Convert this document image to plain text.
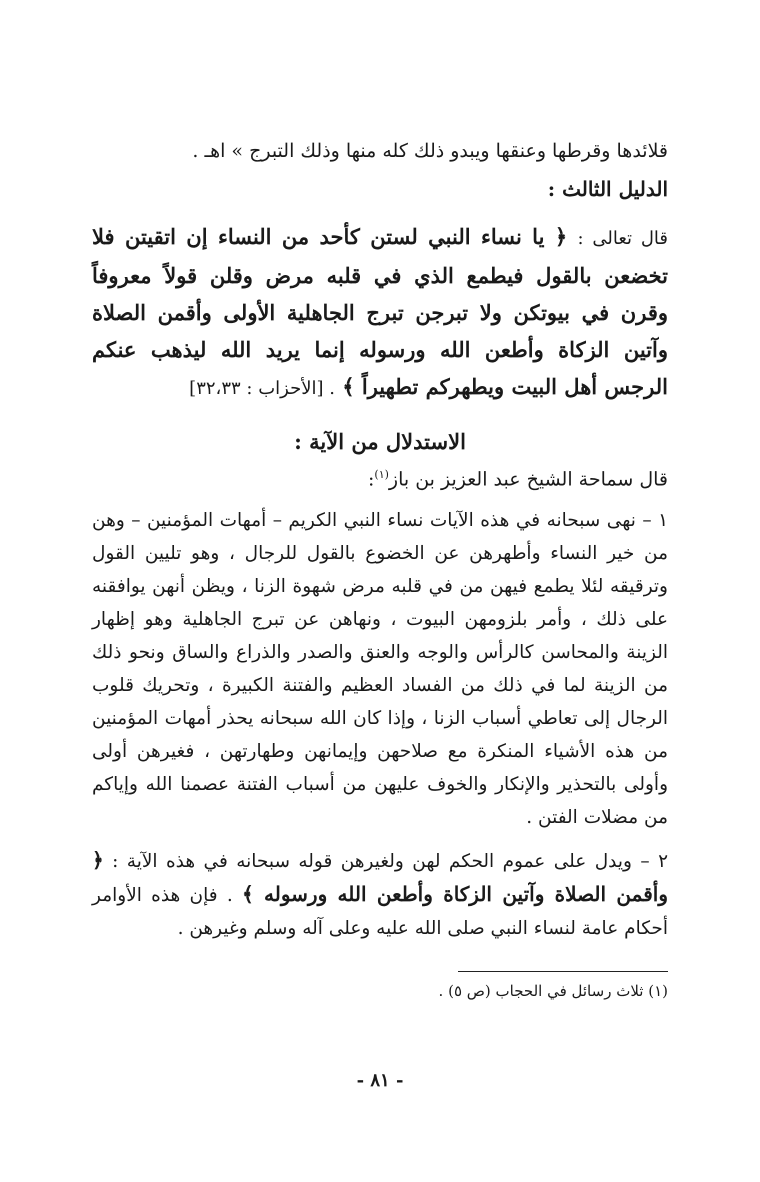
قلائدها وقرطها وعنقها ويبدو ذلك كله منها وذلك التبرج » اهـ .

الدليل الثالث :

قال تعالى : ﴿ يا نساء النبي لستن كأحد من النساء إن اتقيتن فلا تخضعن بالقول فيطمع الذي في قلبه مرض وقلن قولاً معروفاً وقرن في بيوتكن ولا تبرجن تبرج الجاهلية الأولى وأقمن الصلاة وآتين الزكاة وأطعن الله ورسوله إنما يريد الله ليذهب عنكم الرجس أهل البيت ويطهركم تطهيراً ﴾ . [الأحزاب : ٣٢،٣٣]

الاستدلال من الآية :

قال سماحة الشيخ عبد العزيز بن باز$^{(١)}$:

١ – نهى سبحانه في هذه الآيات نساء النبي الكريم – أمهات المؤمنين – وهن من خير النساء وأطهرهن عن الخضوع بالقول للرجال ، وهو تليين القول وترقيقه لئلا يطمع فيهن من في قلبه مرض شهوة الزنا ، ويظن أنهن يوافقنه على ذلك ، وأمر بلزومهن البيوت ، ونهاهن عن تبرج الجاهلية وهو إظهار الزينة والمحاسن كالرأس والوجه والعنق والصدر والذراع والساق ونحو ذلك من الزينة لما في ذلك من الفساد العظيم والفتنة الكبيرة ، وتحريك قلوب الرجال إلى تعاطي أسباب الزنا ، وإذا كان الله سبحانه يحذر أمهات المؤمنين من هذه الأشياء المنكرة مع صلاحهن وإيمانهن وطهارتهن ، فغيرهن أولى وأولى بالتحذير والإنكار والخوف عليهن من أسباب الفتنة عصمنا الله وإياكم من مضلات الفتن .

٢ – ويدل على عموم الحكم لهن ولغيرهن قوله سبحانه في هذه الآية : ﴿ وأقمن الصلاة وآتين الزكاة وأطعن الله ورسوله ﴾ . فإن هذه الأوامر أحكام عامة لنساء النبي صلى الله عليه وعلى آله وسلم وغيرهن .

(١) ثلاث رسائل في الحجاب (ص ٥) .

- ٨١ -
